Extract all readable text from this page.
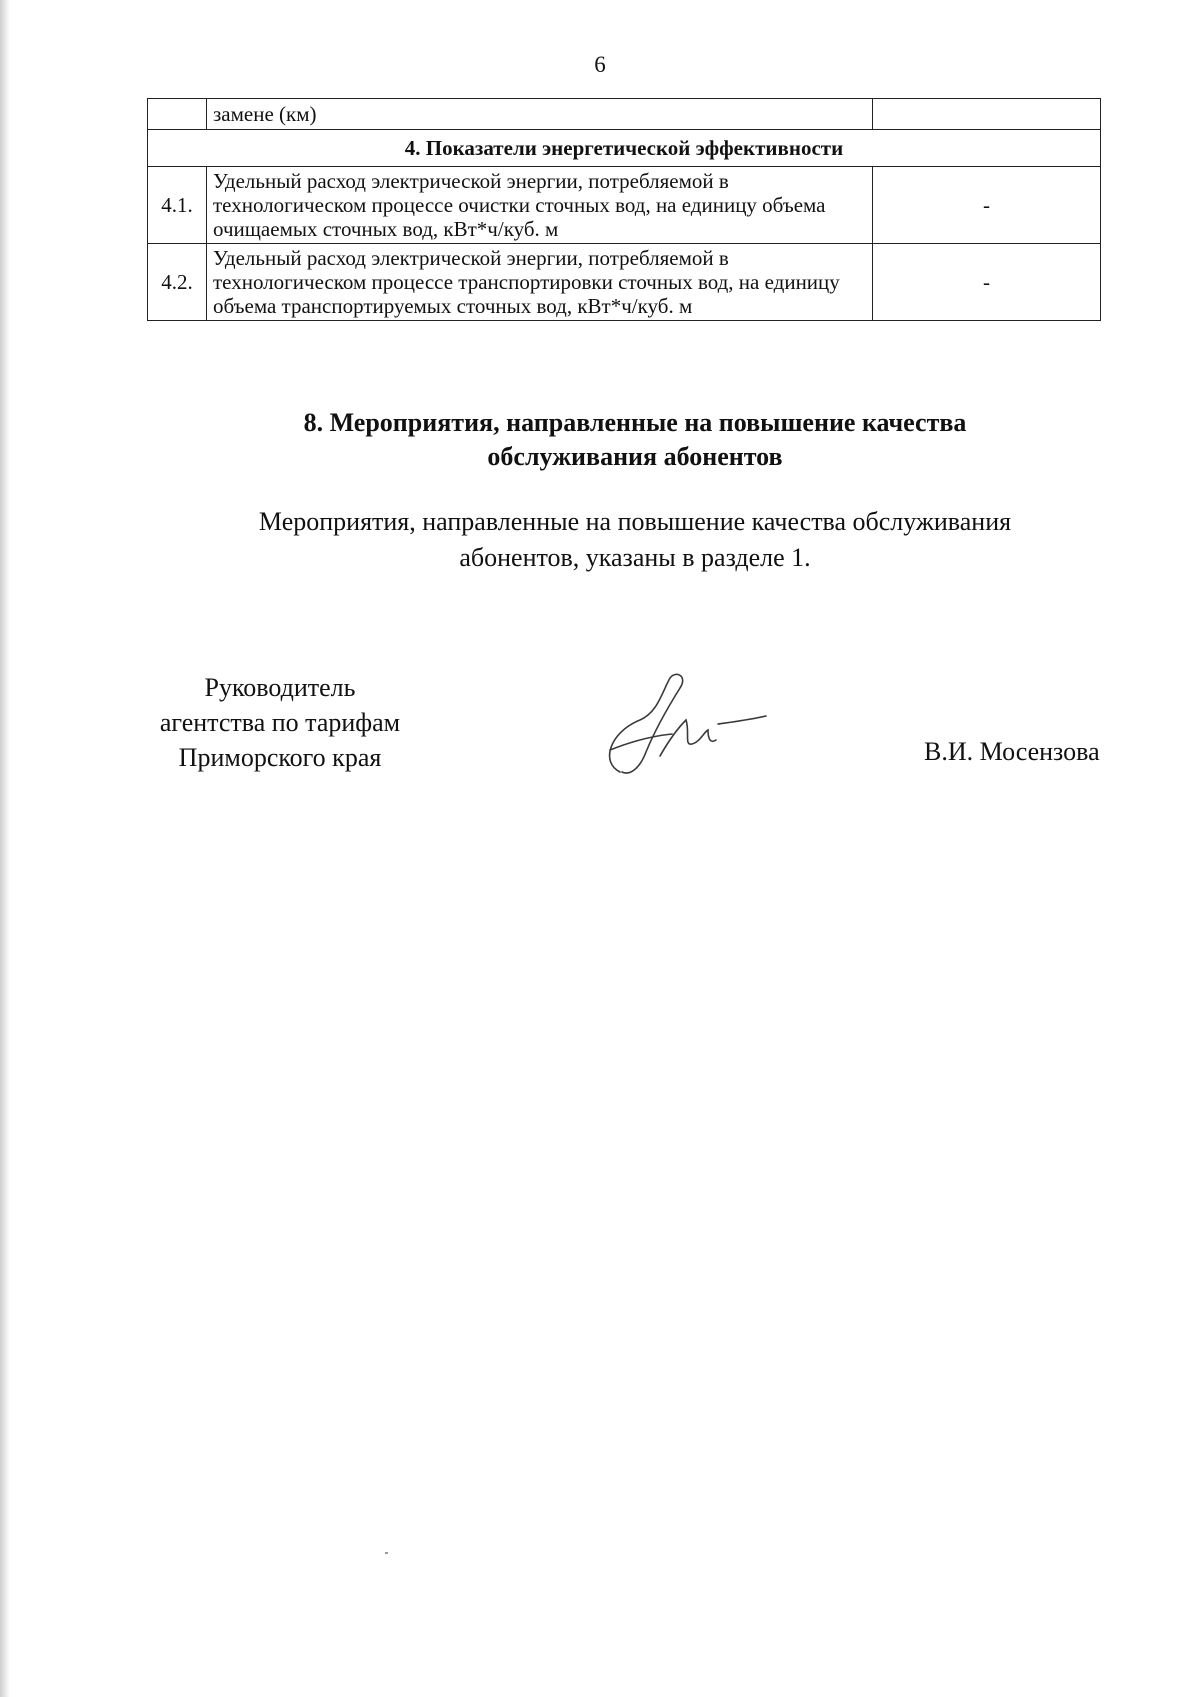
6
	замене (км)	
4. Показатели энергетической эффективности		
4.1.	Удельный расход электрической энергии, потребляемой в технологическом процессе очистки сточных вод, на единицу объема очищаемых сточных вод, кВт*ч/куб. м	-
4.2.	Удельный расход электрической энергии, потребляемой в технологическом процессе транспортировки сточных вод, на единицу объема транспортируемых сточных вод, кВт*ч/куб. м	-
8. Мероприятия, направленные на повышение качества
обслуживания абонентов
Мероприятия, направленные на повышение качества обслуживания
абонентов, указаны в разделе 1.
Руководитель
агентства по тарифам
Приморского края	В.И. Мосензова
